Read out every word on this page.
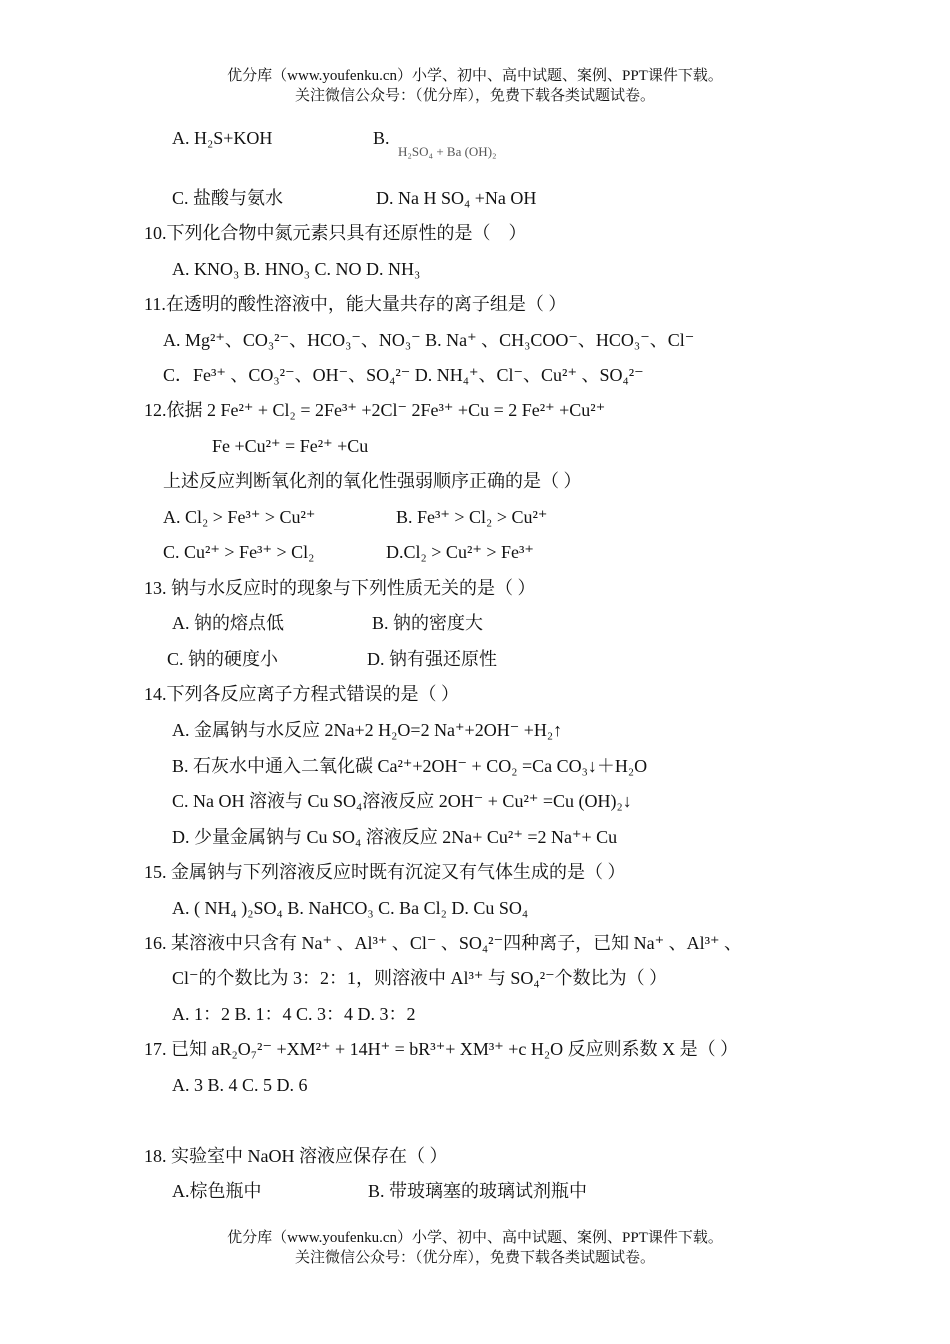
优分库（www.youfenku.cn）小学、初中、高中试题、案例、PPT课件下载。
关注微信公众号：（优分库），免费下载各类试题试卷。
A. H₂S+KOH	B.
H₂SO₄ + Ba (OH)₂
C. 盐酸与氨水	D. Na H SO₄ +Na OH
10.下列化合物中氮元素只具有还原性的是（　）
A. KNO₃ B. HNO₃ C. NO D. NH₃
11.在透明的酸性溶液中，能大量共存的离子组是（ ）
A. Mg²⁺、CO₃²⁻、HCO₃⁻、NO₃⁻ B. Na⁺ 、CH₃COO⁻、HCO₃⁻、Cl⁻
C．Fe³⁺ 、CO₃²⁻、OH⁻、SO₄²⁻ D. NH₄⁺、Cl⁻、Cu²⁺ 、SO₄²⁻
12.依据 2 Fe²⁺ + Cl₂ = 2Fe³⁺ +2Cl⁻ 2Fe³⁺ +Cu = 2 Fe²⁺ +Cu²⁺
Fe +Cu²⁺ = Fe²⁺ +Cu
上述反应判断氧化剂的氧化性强弱顺序正确的是（ ）
A. Cl₂ > Fe³⁺ > Cu²⁺	B. Fe³⁺ > Cl₂ > Cu²⁺
C. Cu²⁺ > Fe³⁺ > Cl₂	D.Cl₂ > Cu²⁺ > Fe³⁺
13. 钠与水反应时的现象与下列性质无关的是（ ）
A. 钠的熔点低	B. 钠的密度大
C. 钠的硬度小	D. 钠有强还原性
14.下列各反应离子方程式错误的是（ ）
A. 金属钠与水反应 2Na+2 H₂O=2 Na⁺+2OH⁻ +H₂↑
B. 石灰水中通入二氧化碳 Ca²⁺+2OH⁻ + CO₂ =Ca CO₃↓＋H₂O
C. Na OH 溶液与 Cu SO₄溶液反应 2OH⁻ + Cu²⁺ =Cu (OH)₂↓
D. 少量金属钠与 Cu SO₄ 溶液反应 2Na+ Cu²⁺ =2 Na⁺+ Cu
15. 金属钠与下列溶液反应时既有沉淀又有气体生成的是（ ）
A. ( NH₄ )₂SO₄ B. NaHCO₃ C. Ba Cl₂ D. Cu SO₄
16. 某溶液中只含有 Na⁺ 、Al³⁺ 、Cl⁻ 、SO₄²⁻四种离子，已知 Na⁺ 、Al³⁺ 、
Cl⁻的个数比为 3：2：1，则溶液中 Al³⁺ 与 SO₄²⁻个数比为（ ）
A. 1：2 B. 1：4 C. 3：4 D. 3：2
17. 已知 aR₂O₇²⁻ +XM²⁺ + 14H⁺ = bR³⁺+ XM³⁺ +c H₂O 反应则系数 X 是（ ）
A. 3 B. 4 C. 5 D. 6
18. 实验室中 NaOH 溶液应保存在（ ）
A.棕色瓶中	B. 带玻璃塞的玻璃试剂瓶中
优分库（www.youfenku.cn）小学、初中、高中试题、案例、PPT课件下载。
关注微信公众号：（优分库），免费下载各类试题试卷。
